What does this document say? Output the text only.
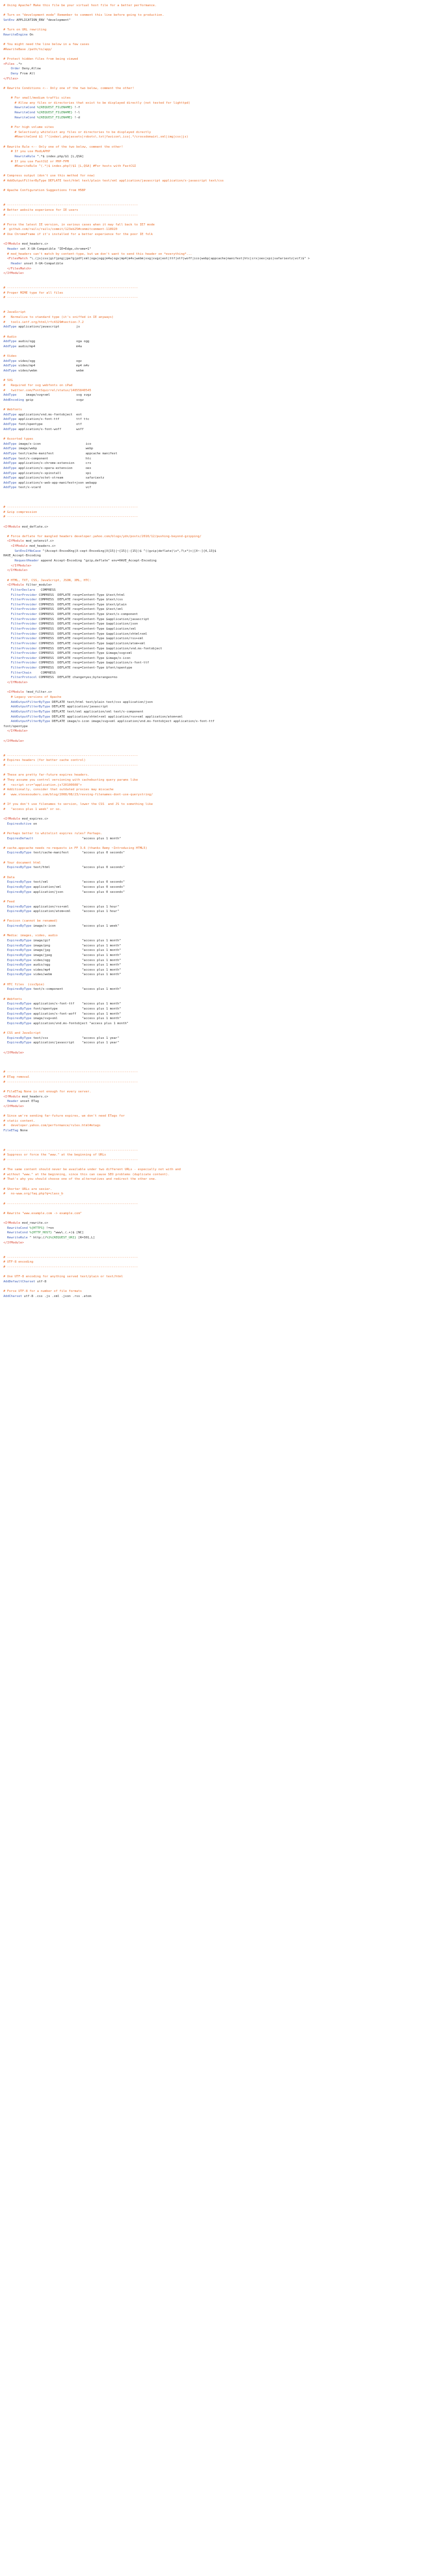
# Using Apache? Make this file be your virtual host file for a better performance.
# Turn on "development mode" Remember to comment this line before going to production.
SetEnv APPLICATION_ENV "development"
# Turn on URL rewriting
RewriteEngine On
# You might need the line below in a few cases
#RewriteBase /path/to/app/
# Protect hidden files from being viewed
<Files .*>
Order Deny,Allow
Deny From All
</Files>
# Rewrite Conditions <-- Only one of the two below, comment the other!
# For small/medium traffic sites
# Allow any files or directories that exist to be displayed directly (not tested for lighttpd)
RewriteCond %{REQUEST_FILENAME} !-f
RewriteCond %{REQUEST_FILENAME} !-l
RewriteCond %{REQUEST_FILENAME} !-d
# For high volume sites
# Selectively whitelist any files or directories to be displayed directly
#RewriteCond $1 !^(index\.php|assets|robots\.txt|favicon\.ico|.*/crossdomain\.xml|img|css|js)
# Rewrite Rule <-- Only one of the two below, comment the other!
# If you use ModLAPHP
RewriteRule ^.*$ index.php/$1 [L,QSA]
# If you use FastCGI or PHP-FPM
#RewriteRule ^(.*)$ index.php?/$1 [L,QSA] #For hosts with FastCGI
# Compress output (don't use this method for now)
# AddOutputFilterByType DEFLATE text/html text/plain text/xml application/javascript application/x-javascript text/css
# Apache Configuration Suggestions from H5BP
# ----------------------------------------------------------------------
# Better website experience for IE users
# ----------------------------------------------------------------------
# Force the latest IE version, in various cases when it may fall back to IE7 mode
#  github.com/rails/rails/commit/123eb25#commitcomment-118920
# Use ChromeFrame if it's installed for a better experience for the poor IE folk
<IfModule mod_headers.c>
Header set X-UA-Compatible "IE=Edge,chrome=1"
# mod_headers can't match by content-type, but we don't want to send this header on *everything*...
<FilesMatch "\.(js|css|gif|png|jpe?g|pdf|xml|oga|ogg|m4a|ogv|mp4|m4v|webm|svg|svgz|eot|ttf|otf|woff|ico|webp|appcache|manifest|htc|crx|oex|xpi|safariextz|vcf)$" >
Header unset X-UA-Compatible
</FilesMatch>
</IfModule>
# ----------------------------------------------------------------------
# Proper MIME type for all files
# ----------------------------------------------------------------------
# JavaScript
#   Normalize to standard type (it's sniffed in IE anyways)
#   tools.ietf.org/html/rfc4329#section-7.2
AddType application/javascript         js
# Audio
AddType audio/ogg                      oga ogg
AddType audio/mp4                      m4a
# Video
AddType video/ogg                      ogv
AddType video/mp4                      mp4 m4v
AddType video/webm                     webm
# SVG
#   Required for svg webfonts on iPad
#   twitter.com/FontSquirrel/status/14855840545
AddType     image/svg+xml              svg svgz
AddEncoding gzip                       svgz
# Webfonts
AddType application/vnd.ms-fontobject  eot
AddType application/x-font-ttf         ttf ttc
AddType font/opentype                  otf
AddType application/x-font-woff        woff
# Assorted types
AddType image/x-icon                        ico
AddType image/webp                          webp
AddType text/cache-manifest                 appcache manifest
AddType text/x-component                    htc
AddType application/x-chrome-extension      crx
AddType application/x-opera-extension       oex
AddType application/x-xpinstall             xpi
AddType application/octet-stream            safariextz
AddType application/x-web-app-manifest+json webapp
AddType text/x-vcard                        vcf
# ----------------------------------------------------------------------
# Gzip compression
# ----------------------------------------------------------------------
<IfModule mod_deflate.c>
# Force deflate for mangled headers developer.yahoo.com/blogs/ydn/posts/2010/12/pushing-beyond-gzipping/
<IfModule mod_setenvif.c>
<IfModule mod_headers.c>
SetEnvIfNoCase ^(Accept-EncodXng|X-cept-Encoding|X{15}|~{15}|-{15})$ ^((gzip|deflate)\s*,?\s*)+|[X~-]{4,13}$
HAVE_Accept-Encoding
RequestHeader append Accept-Encoding "gzip,deflate" env=HAVE_Accept-Encoding
</IfModule>
</IfModule>
# HTML, TXT, CSS, JavaScript, JSON, XML, HTC:
<IfModule filter_module>
FilterDeclare   COMPRESS
FilterProvider COMPRESS  DEFLATE resp=Content-Type $text/html
FilterProvider COMPRESS  DEFLATE resp=Content-Type $text/css
FilterProvider COMPRESS  DEFLATE resp=Content-Type $text/plain
FilterProvider COMPRESS  DEFLATE resp=Content-Type $text/xml
FilterProvider COMPRESS  DEFLATE resp=Content-Type $text/x-component
FilterProvider COMPRESS  DEFLATE resp=Content-Type $application/javascript
FilterProvider COMPRESS  DEFLATE resp=Content-Type $application/json
FilterProvider COMPRESS  DEFLATE resp=Content-Type $application/xml
FilterProvider COMPRESS  DEFLATE resp=Content-Type $application/xhtml+xml
FilterProvider COMPRESS  DEFLATE resp=Content-Type $application/rss+xml
FilterProvider COMPRESS  DEFLATE resp=Content-Type $application/atom+xml
FilterProvider COMPRESS  DEFLATE resp=Content-Type $application/vnd.ms-fontobject
FilterProvider COMPRESS  DEFLATE resp=Content-Type $image/svg+xml
FilterProvider COMPRESS  DEFLATE resp=Content-Type $image/x-icon
FilterProvider COMPRESS  DEFLATE resp=Content-Type $application/x-font-ttf
FilterProvider COMPRESS  DEFLATE resp=Content-Type $font/opentype
FilterChain     COMPRESS
FilterProtocol COMPRESS  DEFLATE change=yes;byteranges=no
</IfModule>
<IfModule !mod_filter.c>
# Legacy versions of Apache
AddOutputFilterByType DEFLATE text/html text/plain text/css application/json
AddOutputFilterByType DEFLATE application/javascript
AddOutputFilterByType DEFLATE text/xml application/xml text/x-component
AddOutputFilterByType DEFLATE application/xhtml+xml application/rss+xml application/atom+xml
AddOutputFilterByType DEFLATE image/x-icon image/svg+xml application/vnd.ms-fontobject application/x-font-ttf
font/opentype
</IfModule>
</IfModule>
# ----------------------------------------------------------------------
# Expires headers (for better cache control)
# ----------------------------------------------------------------------
# These are pretty far-future expires headers.
# They assume you control versioning with cachebusting query params like
#   <script src="application.js?20100608">
# Additionally, consider that outdated proxies may miscache
#   www.stevesouders.com/blog/2008/08/23/revving-filenames-dont-use-querystring/
# If you don't use filenames to version, lower the CSS  and JS to something like
#   "access plus 1 week" or so.
<IfModule mod_expires.c>
ExpiresActive on
# Perhaps better to whitelist expires rules? Perhaps.
ExpiresDefault                          "access plus 1 month"
# cache.appcache needs re-requests in FF 3.6 (thanks Remy ~Introducing HTML5)
ExpiresByType text/cache-manifest       "access plus 0 seconds"
# Your document html
ExpiresByType text/html                 "access plus 0 seconds"
# Data
ExpiresByType text/xml                  "access plus 0 seconds"
ExpiresByType application/xml           "access plus 0 seconds"
ExpiresByType application/json          "access plus 0 seconds"
# Feed
ExpiresByType application/rss+xml       "access plus 1 hour"
ExpiresByType application/atom+xml      "access plus 1 hour"
# Favicon (cannot be renamed)
ExpiresByType image/x-icon              "access plus 1 week"
# Media: images, video, audio
ExpiresByType image/gif                 "access plus 1 month"
ExpiresByType image/png                 "access plus 1 month"
ExpiresByType image/jpg                 "access plus 1 month"
ExpiresByType image/jpeg                "access plus 1 month"
ExpiresByType video/ogg                 "access plus 1 month"
ExpiresByType audio/ogg                 "access plus 1 month"
ExpiresByType video/mp4                 "access plus 1 month"
ExpiresByType video/webm                "access plus 1 month"
# HTC files  (css3pie)
ExpiresByType text/x-component          "access plus 1 month"
# Webfonts
ExpiresByType application/x-font-ttf    "access plus 1 month"
ExpiresByType font/opentype             "access plus 1 month"
ExpiresByType application/x-font-woff   "access plus 1 month"
ExpiresByType image/svg+xml             "access plus 1 month"
ExpiresByType application/vnd.ms-fontobject "access plus 1 month"
# CSS and JavaScript
ExpiresByType text/css                  "access plus 1 year"
ExpiresByType application/javascript    "access plus 1 year"
</IfModule>
# ----------------------------------------------------------------------
# ETag removal
# ----------------------------------------------------------------------
# FileETag None is not enough for every server.
<IfModule mod_headers.c>
Header unset ETag
</IfModule>
# Since we're sending far-future expires, we don't need ETags for
# static content.
#   developer.yahoo.com/performance/rules.html#etags
FileETag None
# ----------------------------------------------------------------------
# Suppress or force the "www." at the beginning of URLs
# ----------------------------------------------------------------------
# The same content should never be available under two different URLs - especially not with and
# without "www." at the beginning, since this can cause SEO problems (duplicate content).
# That's why you should choose one of the alternatives and redirect the other one.
# Shorter URLs are sexier.
#   no-www.org/faq.php?q=class_b
# ----------------------------------------------------------------------
# Rewrite "www.example.com -> example.com"
<IfModule mod_rewrite.c>
RewriteCond %{HTTPS} !=on
RewriteCond %{HTTP_HOST} ^www\.(.+)$ [NC]
RewriteRule ^ http://%1%{REQUEST_URI} [R=301,L]
</IfModule>
# ----------------------------------------------------------------------
# UTF-8 encoding
# ----------------------------------------------------------------------
# Use UTF-8 encoding for anything served text/plain or text/html
AddDefaultCharset utf-8
# Force UTF-8 for a number of file formats
AddCharset utf-8 .css .js .xml .json .rss .atom
